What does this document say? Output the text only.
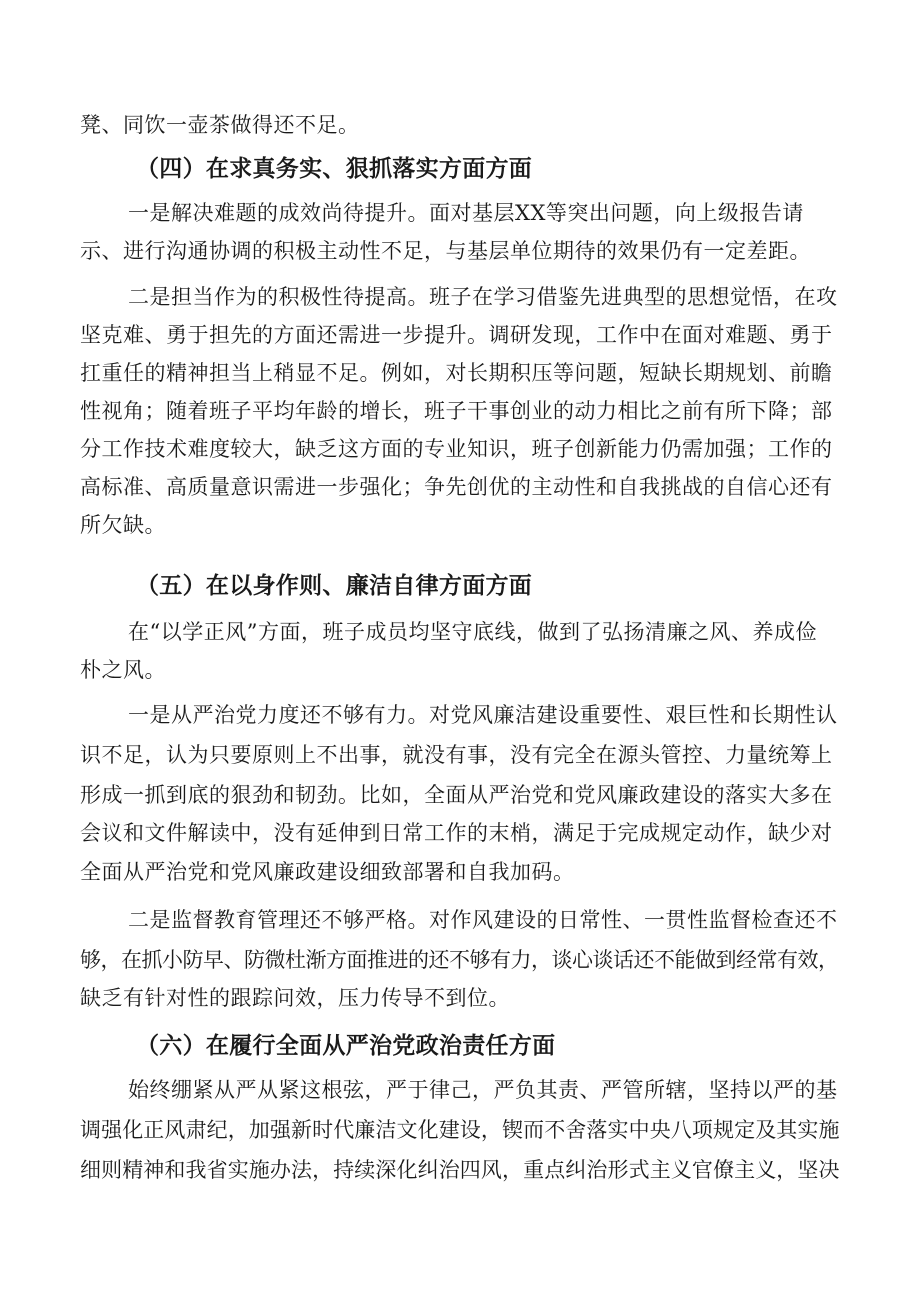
凳、同饮一壶茶做得还不足。
（四）在求真务实、狠抓落实方面方面
一是解决难题的成效尚待提升。面对基层XX等突出问题，向上级报告请
示、进行沟通协调的积极主动性不足，与基层单位期待的效果仍有一定差距。
二是担当作为的积极性待提高。班子在学习借鉴先进典型的思想觉悟，在攻
坚克难、勇于担先的方面还需进一步提升。调研发现，工作中在面对难题、勇于
扛重任的精神担当上稍显不足。例如，对长期积压等问题，短缺长期规划、前瞻
性视角；随着班子平均年龄的增长，班子干事创业的动力相比之前有所下降；部
分工作技术难度较大，缺乏这方面的专业知识，班子创新能力仍需加强；工作的
高标准、高质量意识需进一步强化；争先创优的主动性和自我挑战的自信心还有
所欠缺。
（五）在以身作则、廉洁自律方面方面
在“以学正风”方面，班子成员均坚守底线，做到了弘扬清廉之风、养成俭
朴之风。
一是从严治党力度还不够有力。对党风廉洁建设重要性、艰巨性和长期性认
识不足，认为只要原则上不出事，就没有事，没有完全在源头管控、力量统筹上
形成一抓到底的狠劲和韧劲。比如，全面从严治党和党风廉政建设的落实大多在
会议和文件解读中，没有延伸到日常工作的末梢，满足于完成规定动作，缺少对
全面从严治党和党风廉政建设细致部署和自我加码。
二是监督教育管理还不够严格。对作风建设的日常性、一贯性监督检查还不
够，在抓小防早、防微杜渐方面推进的还不够有力，谈心谈话还不能做到经常有效，
缺乏有针对性的跟踪问效，压力传导不到位。
（六）在履行全面从严治党政治责任方面
始终绷紧从严从紧这根弦，严于律己，严负其责、严管所辖，坚持以严的基
调强化正风肃纪，加强新时代廉洁文化建设，锲而不舍落实中央八项规定及其实施
细则精神和我省实施办法，持续深化纠治四风，重点纠治形式主义官僚主义，坚决
